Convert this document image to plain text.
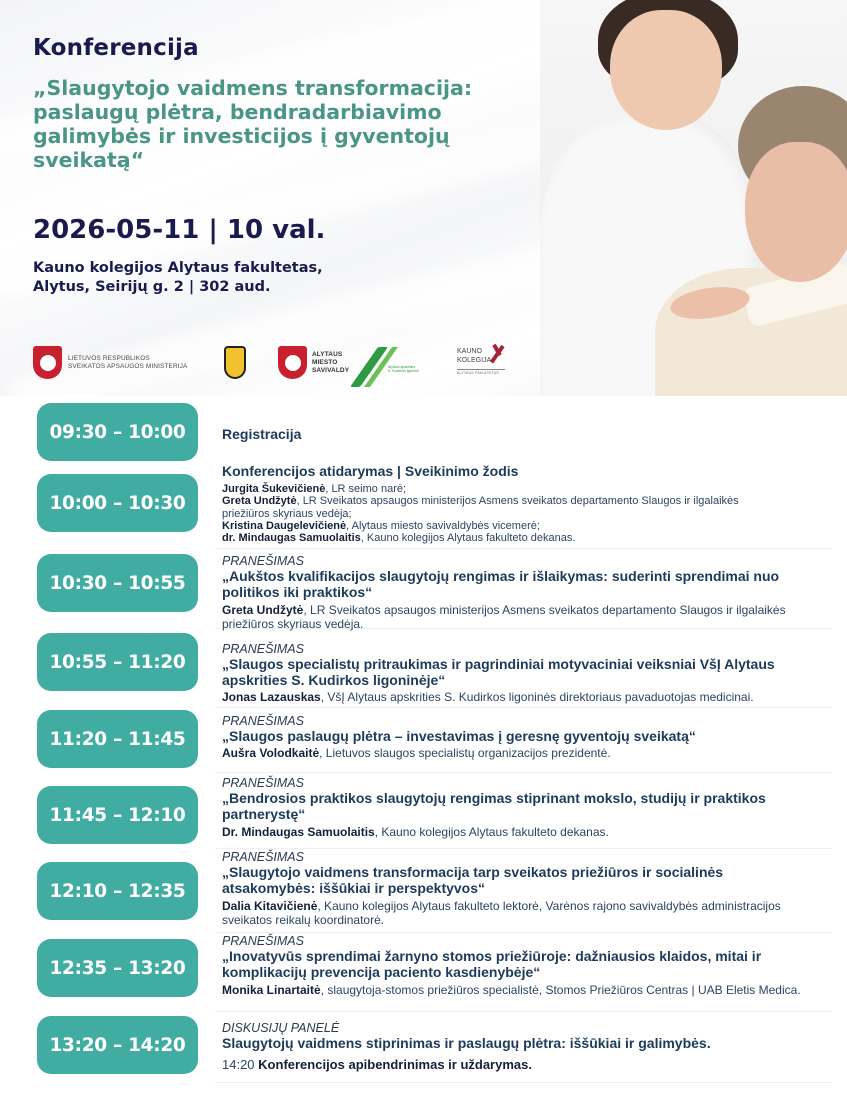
Konferencija
„Slaugytojo vaidmens transformacija:
paslaugų plėtra, bendradarbiavimo
galimybės ir investicijos į gyventojų
sveikatą“
2026-05-11 | 10 val.
Kauno kolegijos Alytaus fakultetas,
Alytus, Seirijų g. 2 | 302 aud.
LIETUVOS RESPUBLIKOS
SVEIKATOS APSAUGOS MINISTERIJA
ALYTAUS
MIESTO
SAVIVALDY	Alytaus apskrities
S. Kudirkos ligoninė
KAUNO
KOLEGIJA
ALYTAUS FAKULTETAS
09:30 – 10:00	Registracija
10:00 – 10:30
Konferencijos atidarymas | Sveikinimo žodis
Jurgita Šukevičienė, LR seimo narė;
Greta Undžytė, LR Sveikatos apsaugos ministerijos Asmens sveikatos departamento Slaugos ir ilgalaikės
priežiūros skyriaus vedėja;
Kristina Daugelevičienė, Alytaus miesto savivaldybės vicemerė;
dr. Mindaugas Samuolaitis, Kauno kolegijos Alytaus fakulteto dekanas.
10:30 – 10:55
PRANEŠIMAS
„Aukštos kvalifikacijos slaugytojų rengimas ir išlaikymas: suderinti sprendimai nuo politikos iki praktikos“
Greta Undžytė, LR Sveikatos apsaugos ministerijos Asmens sveikatos departamento Slaugos ir ilgalaikės priežiūros skyriaus vedėja.
10:55 – 11:20
PRANEŠIMAS
„Slaugos specialistų pritraukimas ir pagrindiniai motyvaciniai veiksniai VšĮ Alytaus apskrities S. Kudirkos ligoninėje“
Jonas Lazauskas, VšĮ Alytaus apskrities S. Kudirkos ligoninės direktoriaus pavaduotojas medicinai.
11:20 – 11:45
PRANEŠIMAS
„Slaugos paslaugų plėtra – investavimas į geresnę gyventojų sveikatą“
Aušra Volodkaitė, Lietuvos slaugos specialistų organizacijos prezidentė.
11:45 – 12:10
PRANEŠIMAS
„Bendrosios praktikos slaugytojų rengimas stiprinant mokslo, studijų ir praktikos partnerystę“
Dr. Mindaugas Samuolaitis, Kauno kolegijos Alytaus fakulteto dekanas.
12:10 – 12:35
PRANEŠIMAS
„Slaugytojo vaidmens transformacija tarp sveikatos priežiūros ir socialinės atsakomybės: iššūkiai ir perspektyvos“
Dalia Kitavičienė, Kauno kolegijos Alytaus fakulteto lektorė, Varėnos rajono savivaldybės administracijos sveikatos reikalų koordinatorė.
12:35 – 13:20
PRANEŠIMAS
„Inovatyvūs sprendimai žarnyno stomos priežiūroje: dažniausios klaidos, mitai ir komplikacijų prevencija paciento kasdienybėje“
Monika Linartaitė, slaugytoja-stomos priežiūros specialistė, Stomos Priežiūros Centras | UAB Eletis Medica.
13:20 – 14:20
DISKUSIJŲ PANELĖ
Slaugytojų vaidmens stiprinimas ir paslaugų plėtra: iššūkiai ir galimybės.
14:20 Konferencijos apibendrinimas ir uždarymas.
